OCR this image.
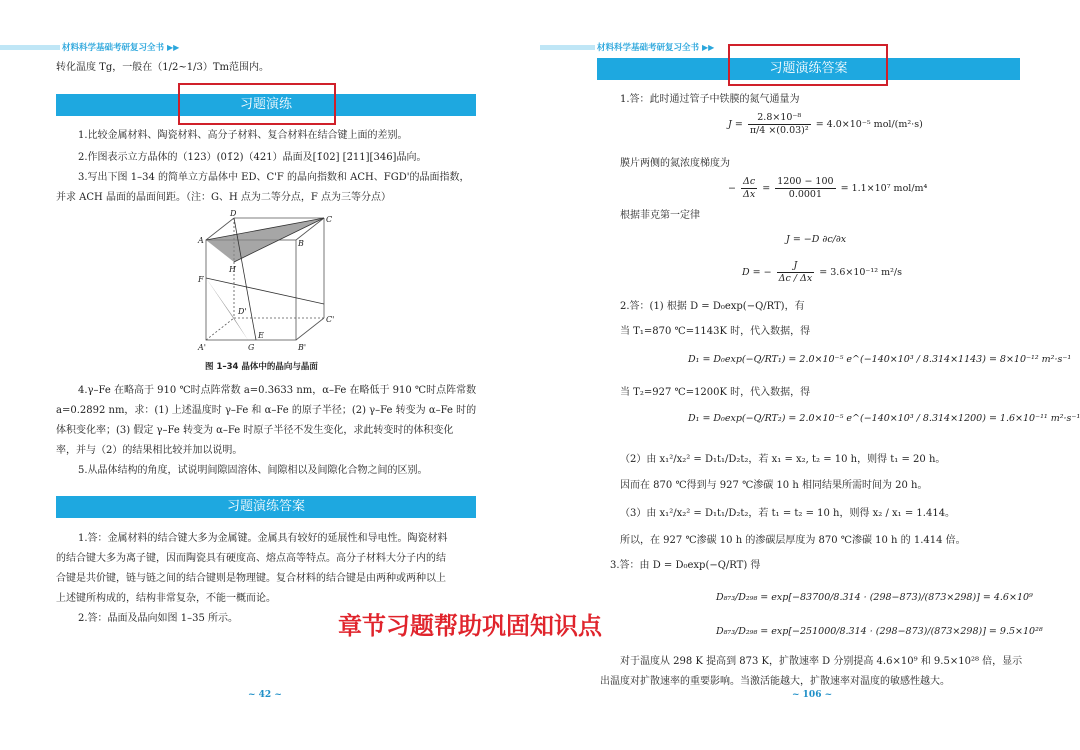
材料科学基础考研复习全书 ▶▶
转化温度 Tg，一般在（1/2~1/3）Tm范围内。
习题演练
1.比较金属材料、陶瓷材料、高分子材料、复合材料在结合键上面的差别。
2.作图表示立方晶体的（123）(01̄2)（421）晶面及[1̄02] [2̄11][346]晶向。
3.写出下图 1–34 的简单立方晶体中 ED、C'F 的晶向指数和 ACH、FGD'的晶面指数，
并求 ACH 晶面的晶面间距。（注：G、H 点为二等分点，F 点为三等分点）
D
C
A	B
H
F
D'
C'
A'	G	B'
E
图 1–34 晶体中的晶向与晶面
4.γ–Fe 在略高于 910 ℃时点阵常数 a=0.3633 nm，α–Fe 在略低于 910 ℃时点阵常数
a=0.2892 nm，求：(1) 上述温度时 γ–Fe 和 α–Fe 的原子半径；(2) γ–Fe 转变为 α–Fe 时的
体积变化率；(3) 假定 γ–Fe 转变为 α–Fe 时原子半径不发生变化，求此转变时的体积变化
率，并与（2）的结果相比较并加以说明。
5.从晶体结构的角度，试说明间隙固溶体、间隙相以及间隙化合物之间的区别。
习题演练答案
1.答：金属材料的结合键大多为金属键。金属具有较好的延展性和导电性。陶瓷材料
的结合键大多为离子键，因而陶瓷具有硬度高、熔点高等特点。高分子材料大分子内的结
合键是共价键，链与链之间的结合键则是物理键。复合材料的结合键是由两种或两种以上
上述键所构成的，结构非常复杂，不能一概而论。
2.答：晶面及晶向如图 1–35 所示。
~ 42 ~
材料科学基础考研复习全书 ▶▶
习题演练答案
1.答：此时通过管子中铁膜的氮气通量为
$J = \frac{\text{2.8×10⁻⁸}}{\text{π/4 ×(0.03)²}} = 4.0\times 10^{-5}$ mol/(m²·s)
膜片两侧的氮浓度梯度为
− $\frac{\Delta c}{\Delta x} = \frac{1200 - 100}{0.0001} = 1.1\times 10^7$ mol/m⁴
根据菲克第一定律
J = −D ∂c/∂x
D = − $\frac{J}{\Delta c / \Delta x} = 3.6\times 10^{-12}$ m²/s
2.答：(1) 根据 D = D₀exp(−Q/RT)，有
当 T₁=870 ℃=1143K 时，代入数据，得
D₁ = D₀exp(−Q/RT₁) = 2.0×10⁻⁵ e^(−140×10³ / 8.314×1143) = 8×10⁻¹² m²·s⁻¹
当 T₂=927 ℃=1200K 时，代入数据，得
D₁ = D₀exp(−Q/RT₂) = 2.0×10⁻⁵ e^(−140×10³ / 8.314×1200) = 1.6×10⁻¹¹ m²·s⁻¹
（2）由 x₁²/x₂² = D₁t₁/D₂t₂，若 x₁ = x₂, t₂ = 10 h，则得 t₁ = 20 h。
因而在 870 ℃得到与 927 ℃渗碳 10 h 相同结果所需时间为 20 h。
（3）由 x₁²/x₂² = D₁t₁/D₂t₂，若 t₁ = t₂ = 10 h，则得 x₂ / x₁ = 1.414。
所以，在 927 ℃渗碳 10 h 的渗碳层厚度为 870 ℃渗碳 10 h 的 1.414 倍。
3.答：由 D = D₀exp(−Q/RT) 得
D₈₇₃/D₂₉₈ = exp[−83700/8.314 · (298−873)/(873×298)] = 4.6×10⁹
D₈₇₃/D₂₉₈ = exp[−251000/8.314 · (298−873)/(873×298)] = 9.5×10²⁸
对于温度从 298 K 提高到 873 K，扩散速率 D 分别提高 4.6×10⁹ 和 9.5×10²⁸ 倍，显示
出温度对扩散速率的重要影响。当激活能越大，扩散速率对温度的敏感性越大。
~ 106 ~
章节习题帮助巩固知识点
